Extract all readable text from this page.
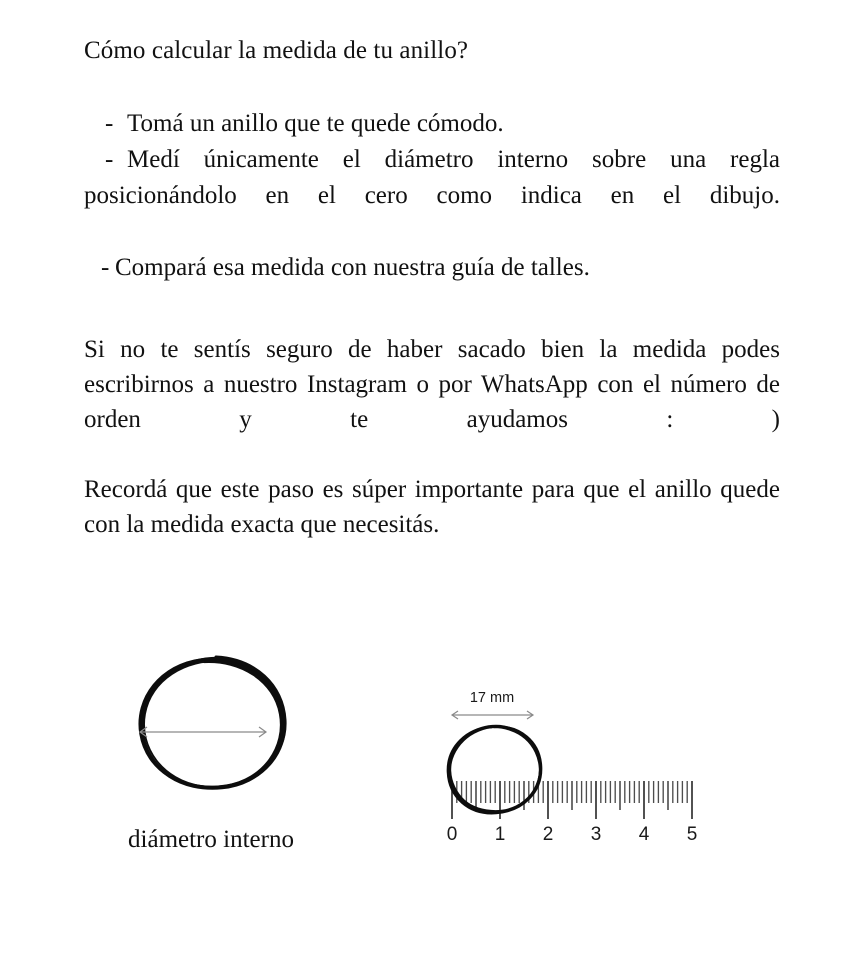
Cómo calcular la medida de tu anillo?
- Tomá un anillo que te quede cómodo.
- Medí únicamente el diámetro interno sobre una regla posicionándolo en el cero como indica en el dibujo.
- Compará esa medida con nuestra guía de talles.

Si no te sentís seguro de haber sacado bien la medida podes escribirnos a nuestro Instagram o por WhatsApp con el número de orden y te ayudamos : )

Recordá que este paso es súper importante para que el anillo quede con la medida exacta que necesitás.

diámetro interno
17 mm
0 1 2 3 4 5
